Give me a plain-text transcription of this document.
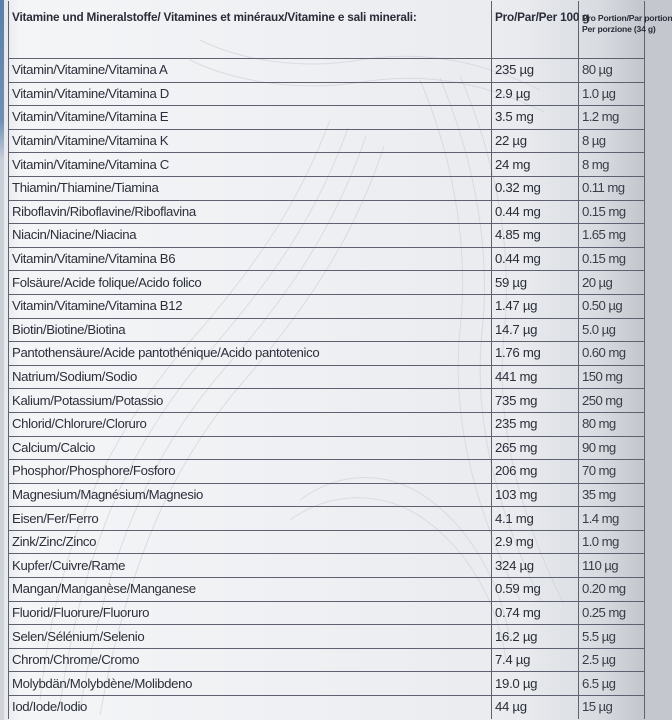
Vitamine und Mineralstoffe/ Vitamines et minéraux/Vitamine e sali minerali:	Pro/Par/Per 100 g	Pro Portion/Par portion
Per porzione (34 g)

Vitamin/Vitamine/Vitamina A	235 µg	80 µg
Vitamin/Vitamine/Vitamina D	2.9 µg	1.0 µg
Vitamin/Vitamine/Vitamina E	3.5 mg	1.2 mg
Vitamin/Vitamine/Vitamina K	22 µg	8 µg
Vitamin/Vitamine/Vitamina C	24 mg	8 mg
Thiamin/Thiamine/Tiamina	0.32 mg	0.11 mg
Riboflavin/Riboflavine/Riboflavina	0.44 mg	0.15 mg
Niacin/Niacine/Niacina	4.85 mg	1.65 mg
Vitamin/Vitamine/Vitamina B6	0.44 mg	0.15 mg
Folsäure/Acide folique/Acido folico	59 µg	20 µg
Vitamin/Vitamine/Vitamina B12	1.47 µg	0.50 µg
Biotin/Biotine/Biotina	14.7 µg	5.0 µg
Pantothensäure/Acide pantothénique/Acido pantotenico	1.76 mg	0.60 mg
Natrium/Sodium/Sodio	441 mg	150 mg
Kalium/Potassium/Potassio	735 mg	250 mg
Chlorid/Chlorure/Cloruro	235 mg	80 mg
Calcium/Calcio	265 mg	90 mg
Phosphor/Phosphore/Fosforo	206 mg	70 mg
Magnesium/Magnésium/Magnesio	103 mg	35 mg
Eisen/Fer/Ferro	4.1 mg	1.4 mg
Zink/Zinc/Zinco	2.9 mg	1.0 mg
Kupfer/Cuivre/Rame	324 µg	110 µg
Mangan/Manganèse/Manganese	0.59 mg	0.20 mg
Fluorid/Fluorure/Fluoruro	0.74 mg	0.25 mg
Selen/Sélénium/Selenio	16.2 µg	5.5 µg
Chrom/Chrome/Cromo	7.4 µg	2.5 µg
Molybdän/Molybdène/Molibdeno	19.0 µg	6.5 µg
Iod/Iode/Iodio	44 µg	15 µg
